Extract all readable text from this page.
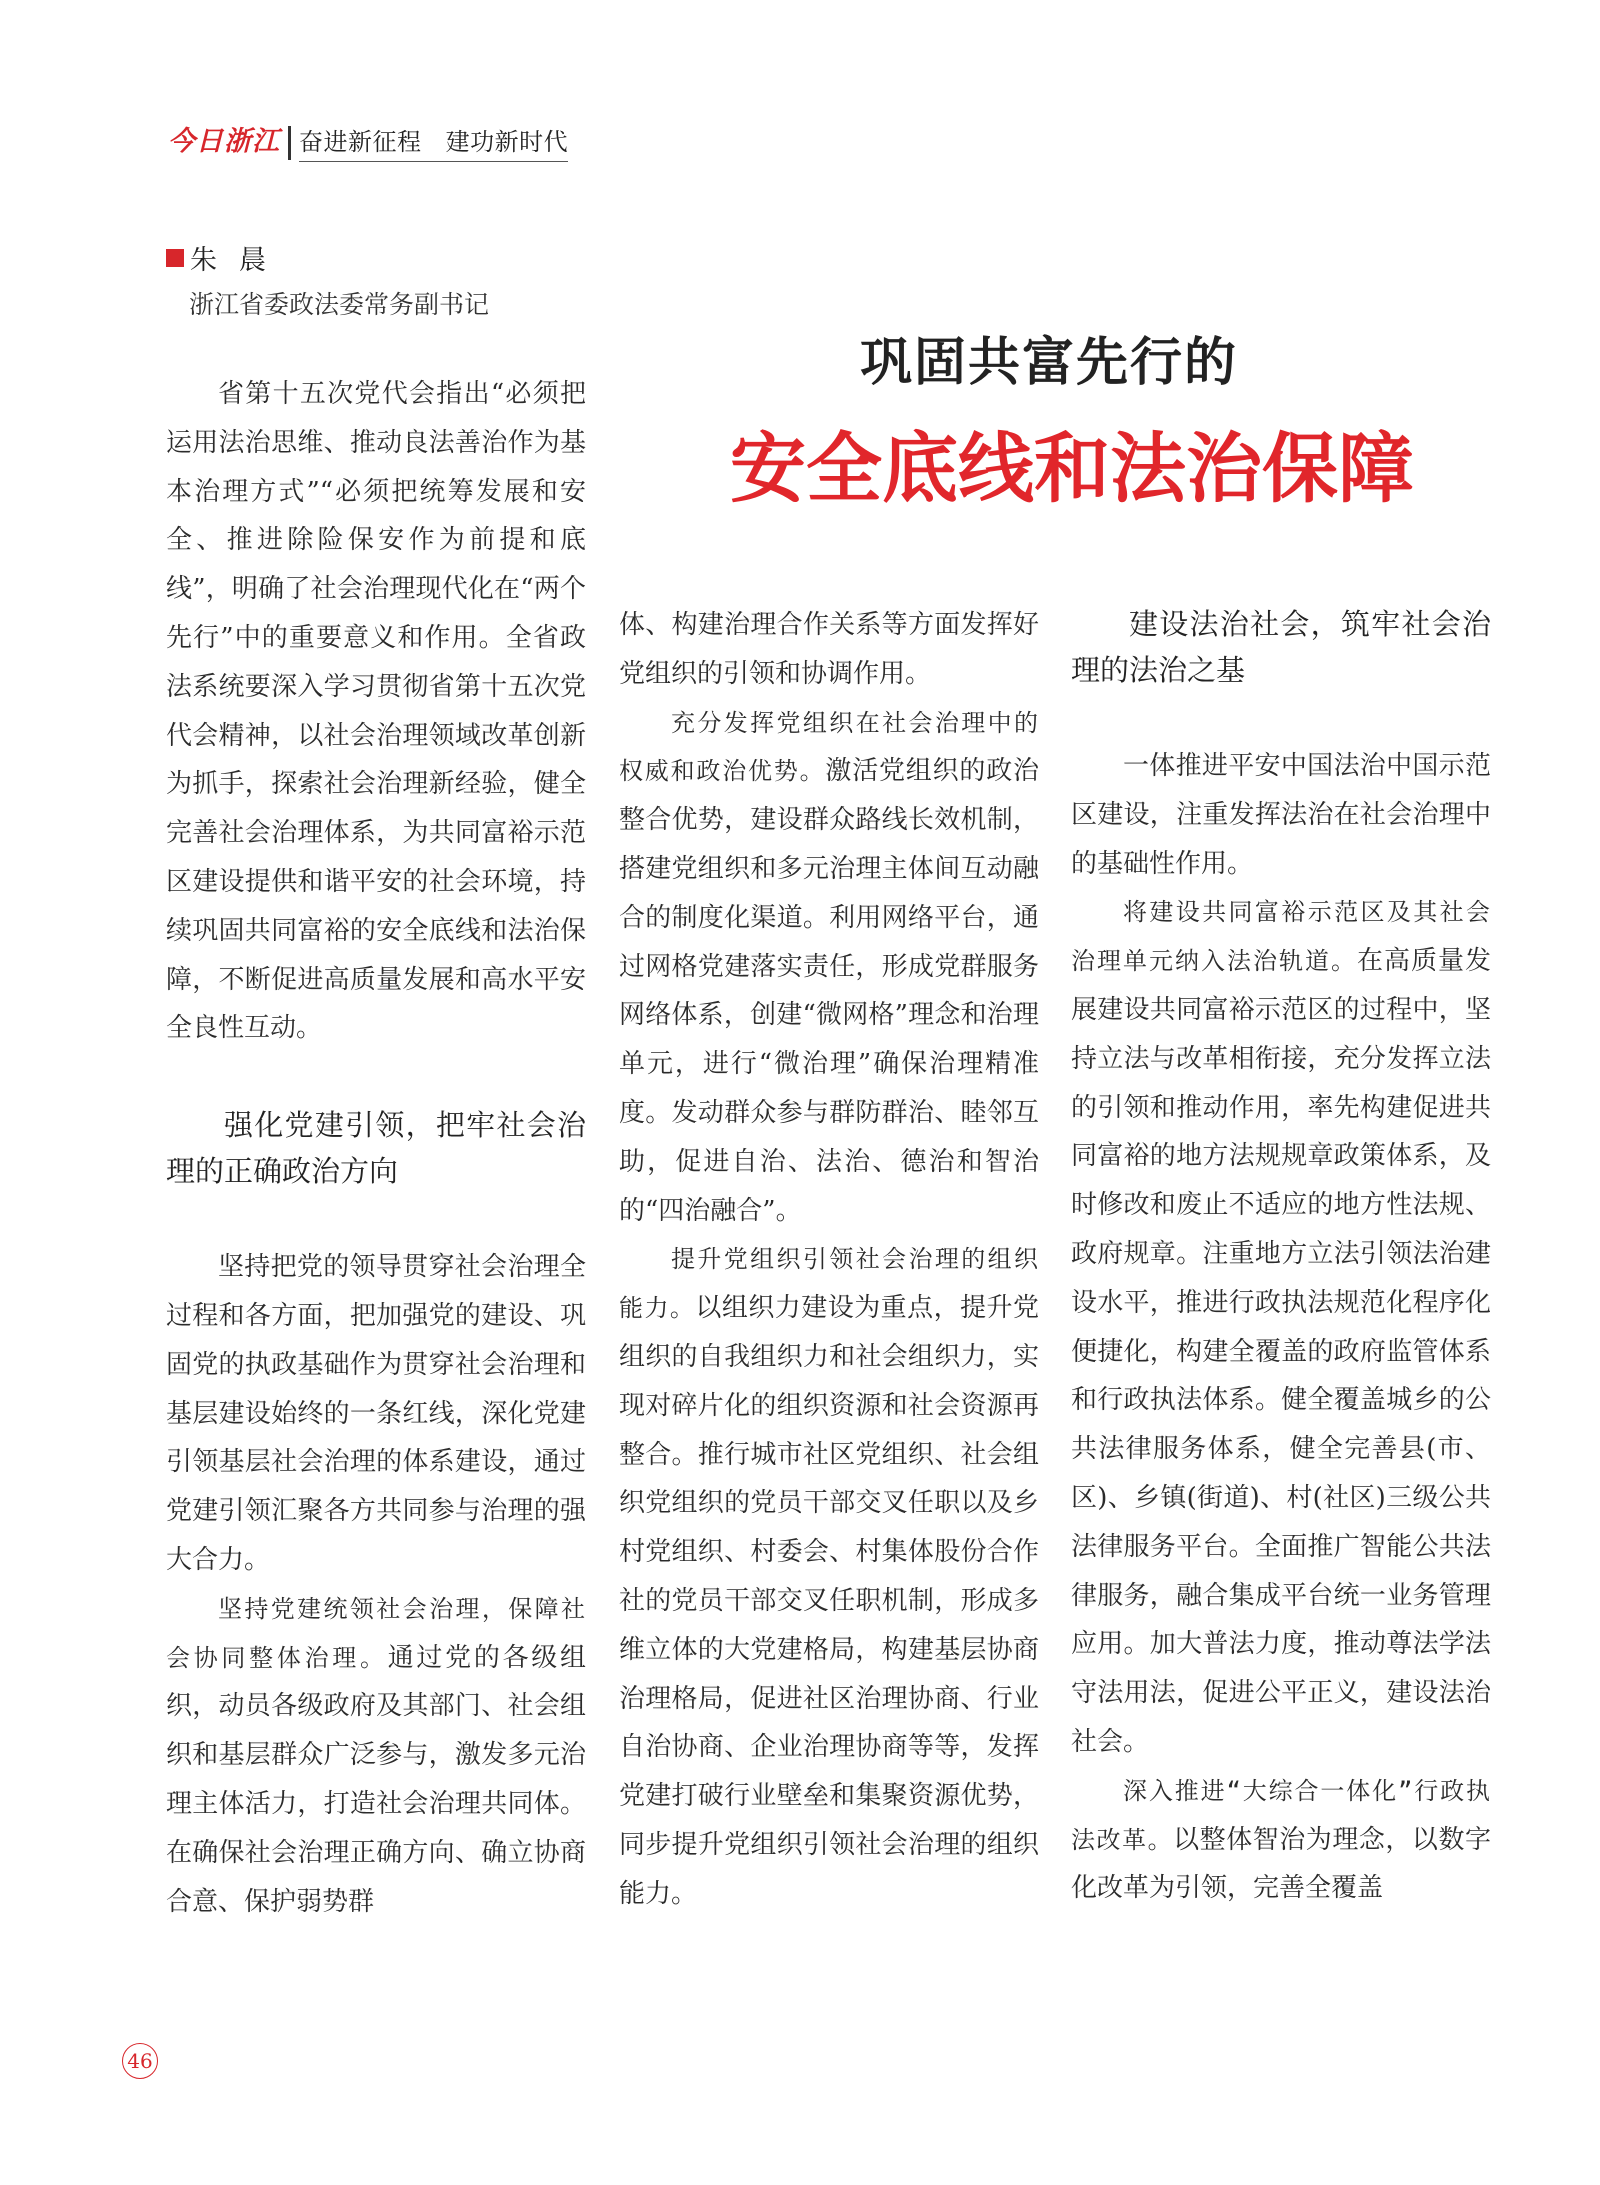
今日浙江 奋进新征程 建功新时代
朱晨
浙江省委政法委常务副书记
巩固共富先行的
安全底线和法治保障

省第十五次党代会指出“必须把运用法治思维、推动良法善治作为基本治理方式”“必须把统筹发展和安全、推进除险保安作为前提和底线”，明确了社会治理现代化在“两个先行”中的重要意义和作用。全省政法系统要深入学习贯彻省第十五次党代会精神，以社会治理领域改革创新为抓手，探索社会治理新经验，健全完善社会治理体系，为共同富裕示范区建设提供和谐平安的社会环境，持续巩固共同富裕的安全底线和法治保障，不断促进高质量发展和高水平安全良性互动。

强化党建引领，把牢社会治理的正确政治方向

坚持把党的领导贯穿社会治理全过程和各方面，把加强党的建设、巩固党的执政基础作为贯穿社会治理和基层建设始终的一条红线，深化党建引领基层社会治理的体系建设，通过党建引领汇聚各方共同参与治理的强大合力。

坚持党建统领社会治理，保障社会协同整体治理。通过党的各级组织，动员各级政府及其部门、社会组织和基层群众广泛参与，激发多元治理主体活力，打造社会治理共同体。在确保社会治理正确方向、确立协商合意、保护弱势群

体、构建治理合作关系等方面发挥好党组织的引领和协调作用。

充分发挥党组织在社会治理中的权威和政治优势。激活党组织的政治整合优势，建设群众路线长效机制，搭建党组织和多元治理主体间互动融合的制度化渠道。利用网络平台，通过网格党建落实责任，形成党群服务网络体系，创建“微网格”理念和治理单元，进行“微治理”确保治理精准度。发动群众参与群防群治、睦邻互助，促进自治、法治、德治和智治的“四治融合”。

提升党组织引领社会治理的组织能力。以组织力建设为重点，提升党组织的自我组织力和社会组织力，实现对碎片化的组织资源和社会资源再整合。推行城市社区党组织、社会组织党组织的党员干部交叉任职以及乡村党组织、村委会、村集体股份合作社的党员干部交叉任职机制，形成多维立体的大党建格局，构建基层协商治理格局，促进社区治理协商、行业自治协商、企业治理协商等等，发挥党建打破行业壁垒和集聚资源优势，同步提升党组织引领社会治理的组织能力。

建设法治社会，筑牢社会治理的法治之基

一体推进平安中国法治中国示范区建设，注重发挥法治在社会治理中的基础性作用。

将建设共同富裕示范区及其社会治理单元纳入法治轨道。在高质量发展建设共同富裕示范区的过程中，坚持立法与改革相衔接，充分发挥立法的引领和推动作用，率先构建促进共同富裕的地方法规规章政策体系，及时修改和废止不适应的地方性法规、政府规章。注重地方立法引领法治建设水平，推进行政执法规范化程序化便捷化，构建全覆盖的政府监管体系和行政执法体系。健全覆盖城乡的公共法律服务体系，健全完善县(市、区)、乡镇(街道)、村(社区)三级公共法律服务平台。全面推广智能公共法律服务，融合集成平台统一业务管理应用。加大普法力度，推动尊法学法守法用法，促进公平正义，建设法治社会。

深入推进“大综合一体化”行政执法改革。以整体智治为理念，以数字化改革为引领，完善全覆盖

46
